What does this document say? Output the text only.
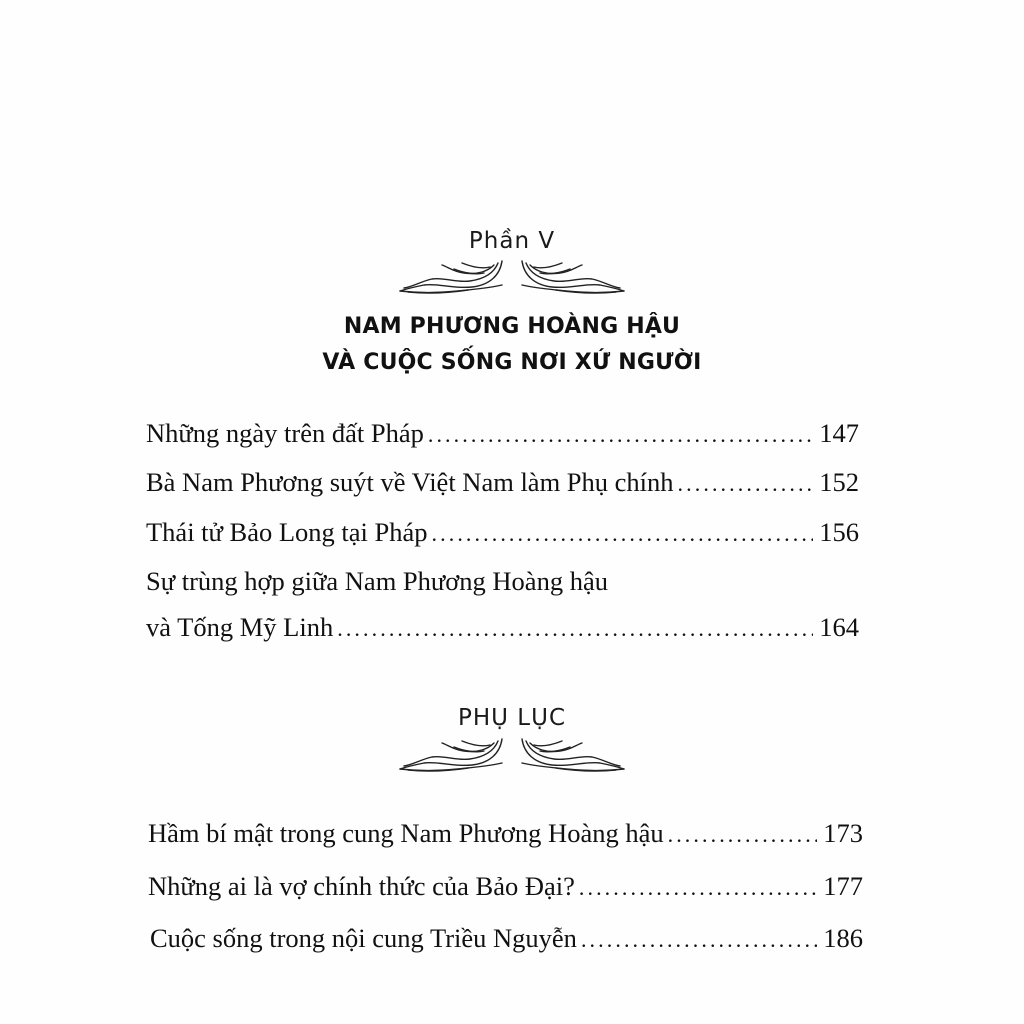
Phần V
NAM PHƯƠNG HOÀNG HẬU
VÀ CUỘC SỐNG NƠI XỨ NGƯỜI
Những ngày trên đất Pháp . . .	147
Bà Nam Phương suýt về Việt Nam làm Phụ chính . . .	152
Thái tử Bảo Long tại Pháp . . .	156
Sự trùng hợp giữa Nam Phương Hoàng hậu
và Tống Mỹ Linh . . .	164
PHỤ LỤC
Hầm bí mật trong cung Nam Phương Hoàng hậu . . .	173
Những ai là vợ chính thức của Bảo Đại? . . .	177
Cuộc sống trong nội cung Triều Nguyễn . . .	186
